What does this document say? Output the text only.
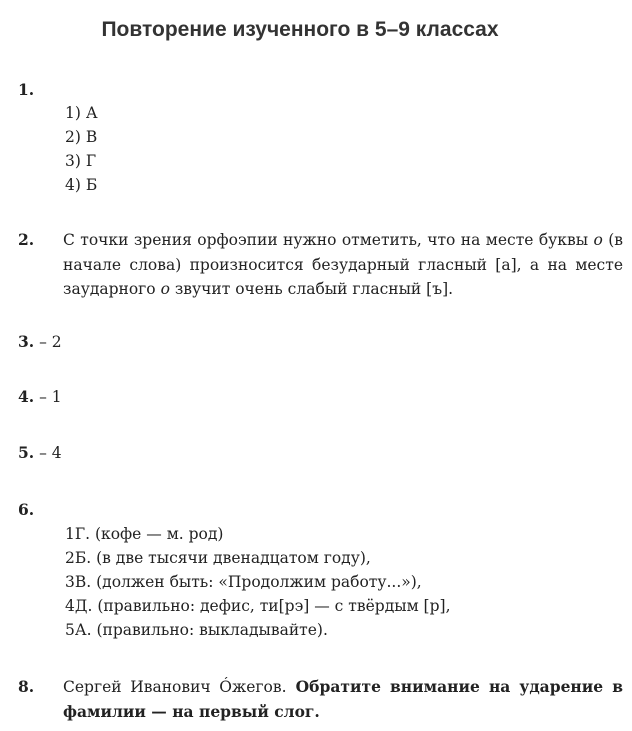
Повторение изученного в 5–9 классах
1.
1) А
2) В
3) Г
4) Б
2. С точки зрения орфоэпии нужно отметить, что на месте буквы о (в начале слова) произносится безударный гласный [а], а на месте заударного о звучит очень слабый гласный [ъ].
3. – 2
4. – 1
5. – 4
6.
1Г. (кофе — м. род)
2Б. (в две тысячи двенадцатом году),
3В. (должен быть: «Продолжим работу...»),
4Д. (правильно: дефис, ти[рэ] — с твёрдым [р],
5А. (правильно: выкладывайте).
8. Сергей Иванович Óжегов. Обратите внимание на ударение в фамилии — на первый слог.
